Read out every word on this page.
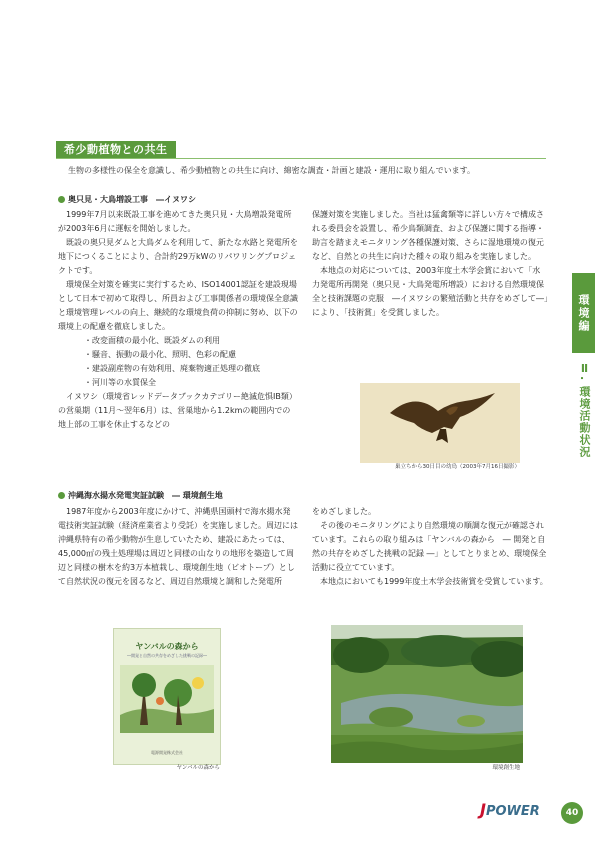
希少動植物との共生
生物の多様性の保全を意識し、希少動植物との共生に向け、綿密な調査・計画と建設・運用に取り組んでいます。
奥只見・大鳥増設工事　―イヌワシ

1999年7月以来既設工事を進めてきた奥只見・大鳥増設発電所が2003年6月に運転を開始しました。

既設の奥只見ダムと大鳥ダムを利用して、新たな水路と発電所を地下につくることにより、合計約29万kWのリパワリングプロジェクトです。

環境保全対策を確実に実行するため、ISO14001認証を建設現場として日本で初めて取得し、所員および工事関係者の環境保全意識と環境管理レベルの向上、継続的な環境負荷の抑制に努め、以下の環境上の配慮を徹底しました。

・ 改変面積の最小化、既設ダムの利用
・ 騒音、振動の最小化、照明、色彩の配慮
・ 建設副産物の有効利用、廃棄物適正処理の徹底
・ 河川等の水質保全

イヌワシ（環境省レッドデータブックカテゴリー絶滅危惧ⅠB類）の営巣期（11月～翌年6月）は、営巣地から1.2kmの範囲内での地上部の工事を休止するなどの

保護対策を実施しました。当社は猛禽類等に詳しい方々で構成される委員会を設置し、希少鳥類調査、および保護に関する指導・助言を踏まえモニタリング各種保護対策、さらに湿地環境の復元など、自然との共生に向けた種々の取り組みを実施しました。

本地点の対応については、2003年度土木学会賞において「水力発電所再開発（奥只見・大鳥発電所増設）における自然環境保全と技術課題の克服　―イヌワシの繁殖活動と共存をめざして―」により、「技術賞」を受賞しました。

巣立ちから30日目の幼鳥（2003年7月16日撮影）
沖縄海水揚水発電実証試験　― 環境創生地

1987年度から2003年度にかけて、沖縄県国頭村で海水揚水発電技術実証試験（経済産業省より受託）を実施しました。周辺には沖縄県特有の希少動物が生息していたため、建設にあたっては、45,000㎡の残土処理場は周辺と同様の山なりの地形を築造して周辺と同様の樹木を約3万本植栽し、環境創生地（ビオトープ）として自然状況の復元を図るなど、周辺自然環境と調和した発電所

をめざしました。

その後のモニタリングにより自然環境の順調な復元が確認されています。これらの取り組みは「ヤンバルの森から　― 開発と自然の共存をめざした挑戦の記録 ―」としてとりまとめ、環境保全活動に役立てています。

本地点においても1999年度土木学会技術賞を受賞しています。

ヤンバルの森から
―開発と自然の共存をめざした挑戦の記録―
電源開発株式会社
ヤンバルの森から	環境創生地
環境編
Ⅱ. 環境活動状況
JPOWER	40
